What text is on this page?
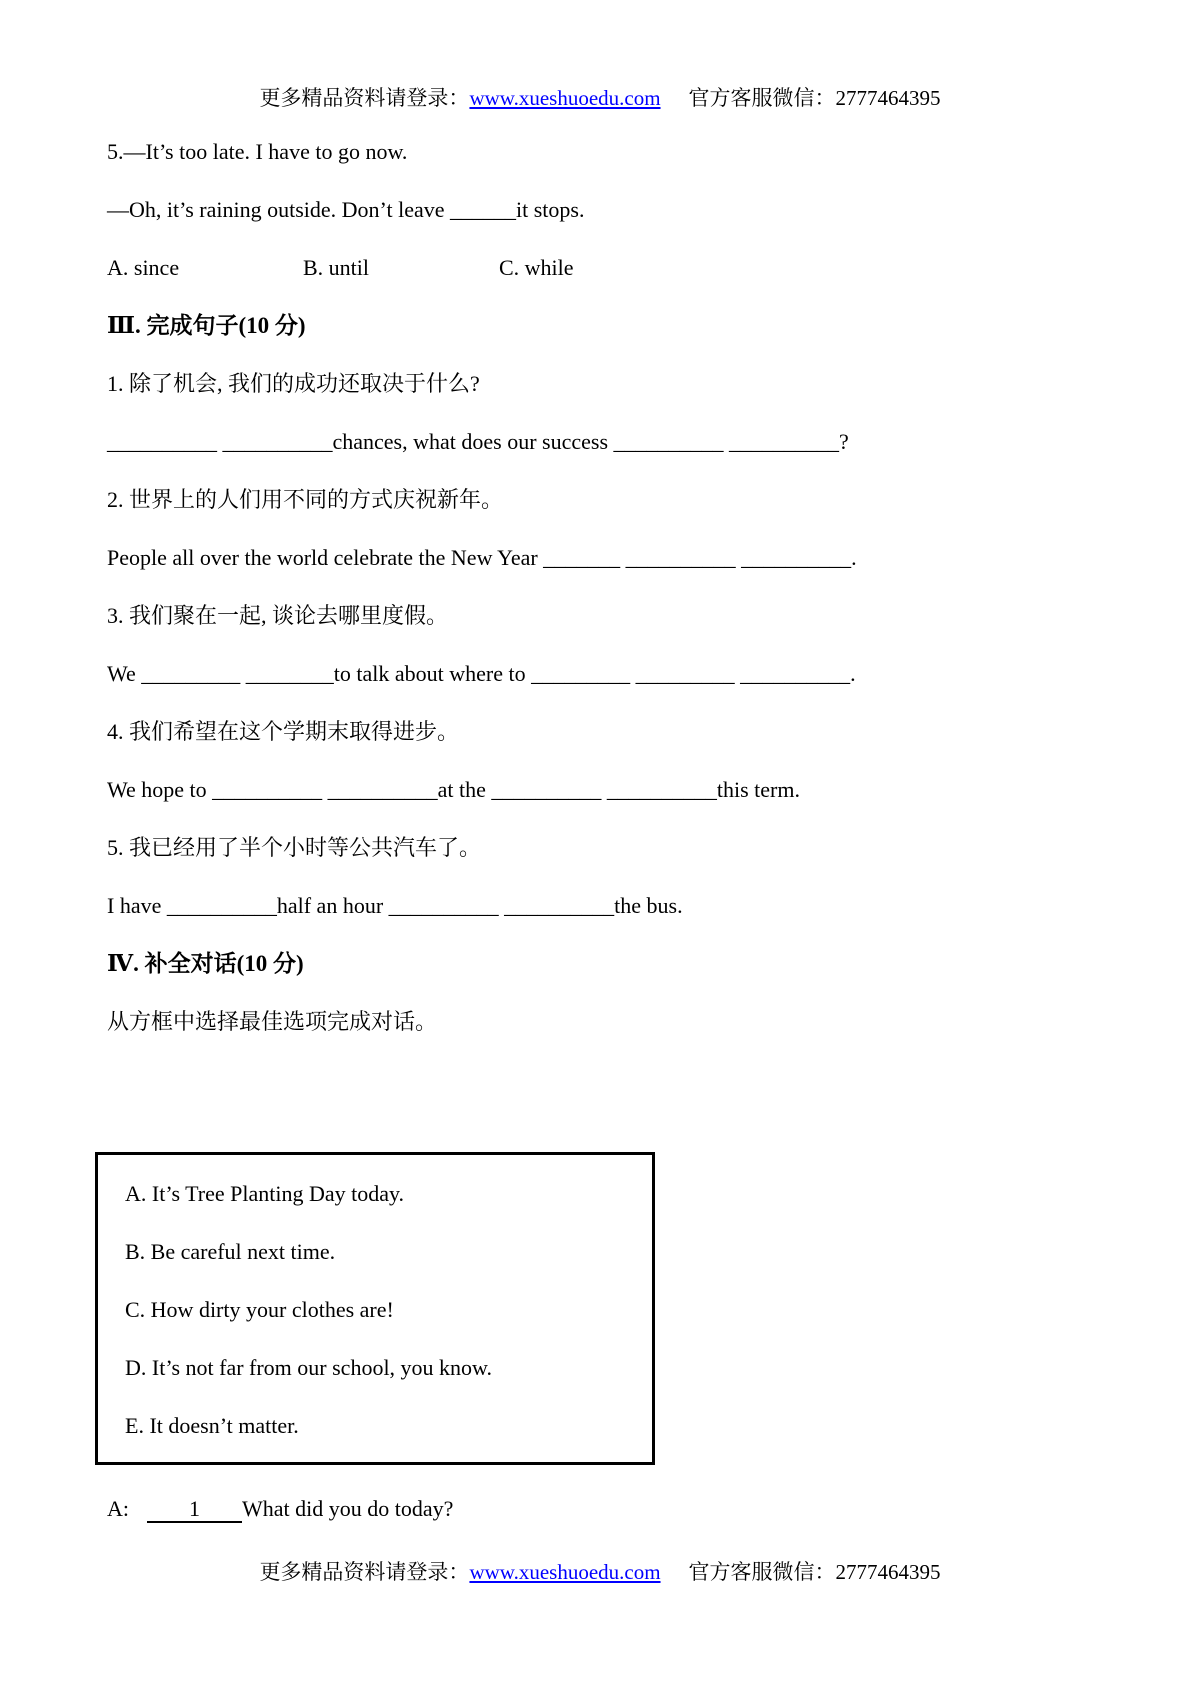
更多精品资料请登录：www.xueshuoedu.com 官方客服微信：2777464395

5.—It’s too late. I have to go now.

—Oh, it’s raining outside. Don’t leave ______it stops.

A. since	B. until	C. while

Ⅲ. 完成句子(10 分)

1. 除了机会, 我们的成功还取决于什么?

__________ __________chances, what does our success __________ __________?

2. 世界上的人们用不同的方式庆祝新年。

People all over the world celebrate the New Year _______ __________ __________.

3. 我们聚在一起, 谈论去哪里度假。

We _________ ________to talk about where to _________ _________ __________.

4. 我们希望在这个学期末取得进步。

We hope to __________ __________at the __________ __________this term.

5. 我已经用了半个小时等公共汽车了。

I have __________half an hour __________ __________the bus.

Ⅳ. 补全对话(10 分)

从方框中选择最佳选项完成对话。

A. It’s Tree Planting Day today.

B. Be careful next time.

C. How dirty your clothes are!

D. It’s not far from our school, you know.

E. It doesn’t matter.

A:	1 What did you do today?

更多精品资料请登录：www.xueshuoedu.com 官方客服微信：2777464395
